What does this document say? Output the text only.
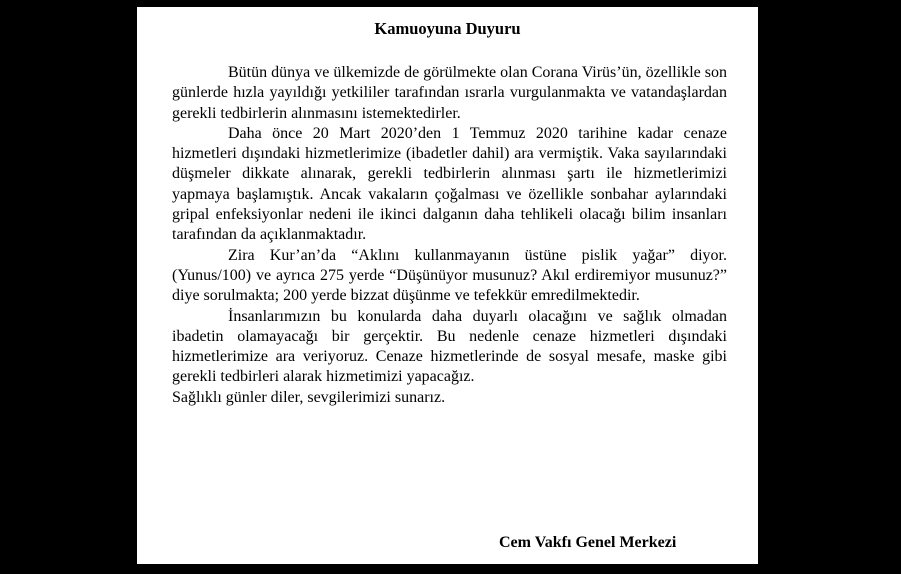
Kamuoyuna Duyuru

Bütün dünya ve ülkemizde de görülmekte olan Corana Virüs’ün, özellikle son günlerde hızla yayıldığı yetkililer tarafından ısrarla vurgulanmakta ve vatandaşlardan gerekli tedbirlerin alınmasını istemektedirler.

Daha önce 20 Mart 2020’den 1 Temmuz 2020 tarihine kadar cenaze hizmetleri dışındaki hizmetlerimize (ibadetler dahil) ara vermiştik. Vaka sayılarındaki düşmeler dikkate alınarak, gerekli tedbirlerin alınması şartı ile hizmetlerimizi yapmaya başlamıştık. Ancak vakaların çoğalması ve özellikle sonbahar aylarındaki gripal enfeksiyonlar nedeni ile ikinci dalganın daha tehlikeli olacağı bilim insanları tarafından da açıklanmaktadır.

Zira Kur’an’da “Aklını kullanmayanın üstüne pislik yağar” diyor. (Yunus/100) ve ayrıca 275 yerde “Düşünüyor musunuz? Akıl erdiremiyor musunuz?” diye sorulmakta; 200 yerde bizzat düşünme ve tefekkür emredilmektedir.

İnsanlarımızın bu konularda daha duyarlı olacağını ve sağlık olmadan ibadetin olamayacağı bir gerçektir. Bu nedenle cenaze hizmetleri dışındaki hizmetlerimize ara veriyoruz. Cenaze hizmetlerinde de sosyal mesafe, maske gibi gerekli tedbirleri alarak hizmetimizi yapacağız.

Sağlıklı günler diler, sevgilerimizi sunarız.

Cem Vakfı Genel Merkezi
